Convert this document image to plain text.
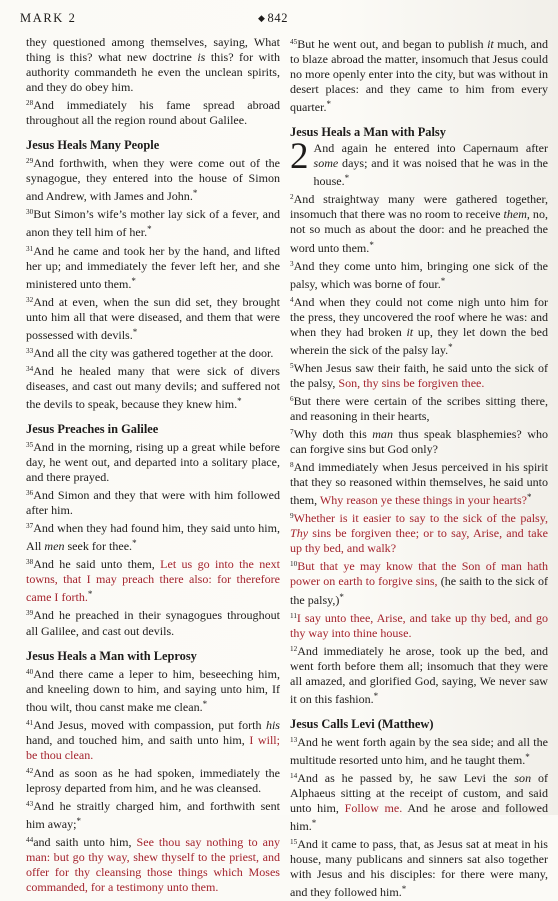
MARK 2	◆ 842

they questioned among themselves, saying, What thing is this? what new doctrine is this? for with authority commandeth he even the unclean spirits, and they do obey him.

$^{28}$And immediately his fame spread abroad throughout all the region round about Galilee.

Jesus Heals Many People

$^{29}$And forthwith, when they were come out of the synagogue, they entered into the house of Simon and Andrew, with James and John.*

$^{30}$But Simon’s wife’s mother lay sick of a fever, and anon they tell him of her.*

$^{31}$And he came and took her by the hand, and lifted her up; and immediately the fever left her, and she ministered unto them.*

$^{32}$And at even, when the sun did set, they brought unto him all that were diseased, and them that were possessed with devils.*

$^{33}$And all the city was gathered together at the door.

$^{34}$And he healed many that were sick of divers diseases, and cast out many devils; and suffered not the devils to speak, because they knew him.*

Jesus Preaches in Galilee

$^{35}$And in the morning, rising up a great while before day, he went out, and departed into a solitary place, and there prayed.

$^{36}$And Simon and they that were with him followed after him.

$^{37}$And when they had found him, they said unto him, All men seek for thee.*

$^{38}$And he said unto them, Let us go into the next towns, that I may preach there also: for therefore came I forth.*

$^{39}$And he preached in their synagogues throughout all Galilee, and cast out devils.

Jesus Heals a Man with Leprosy

$^{40}$And there came a leper to him, beseeching him, and kneeling down to him, and saying unto him, If thou wilt, thou canst make me clean.*

$^{41}$And Jesus, moved with compassion, put forth his hand, and touched him, and saith unto him, I will; be thou clean.

$^{42}$And as soon as he had spoken, immediately the leprosy departed from him, and he was cleansed.

$^{43}$And he straitly charged him, and forthwith sent him away;*

$^{44}$and saith unto him, See thou say nothing to any man: but go thy way, shew thyself to the priest, and offer for thy cleansing those things which Moses commanded, for a testimony unto them.

$^{45}$But he went out, and began to publish it much, and to blaze abroad the matter, insomuch that Jesus could no more openly enter into the city, but was without in desert places: and they came to him from every quarter.*

Jesus Heals a Man with Palsy

2 And again he entered into Capernaum after some days; and it was noised that he was in the house.*

$^2$And straightway many were gathered together, insomuch that there was no room to receive them, no, not so much as about the door: and he preached the word unto them.*

$^3$And they come unto him, bringing one sick of the palsy, which was borne of four.*

$^4$And when they could not come nigh unto him for the press, they uncovered the roof where he was: and when they had broken it up, they let down the bed wherein the sick of the palsy lay.*

$^5$When Jesus saw their faith, he said unto the sick of the palsy, Son, thy sins be forgiven thee.

$^6$But there were certain of the scribes sitting there, and reasoning in their hearts,

$^7$Why doth this man thus speak blasphemies? who can forgive sins but God only?

$^8$And immediately when Jesus perceived in his spirit that they so reasoned within themselves, he said unto them, Why reason ye these things in your hearts?*

$^9$Whether is it easier to say to the sick of the palsy, Thy sins be forgiven thee; or to say, Arise, and take up thy bed, and walk?

$^{10}$But that ye may know that the Son of man hath power on earth to forgive sins, (he saith to the sick of the palsy,)*

$^{11}$I say unto thee, Arise, and take up thy bed, and go thy way into thine house.

$^{12}$And immediately he arose, took up the bed, and went forth before them all; insomuch that they were all amazed, and glorified God, saying, We never saw it on this fashion.*

Jesus Calls Levi (Matthew)

$^{13}$And he went forth again by the sea side; and all the multitude resorted unto him, and he taught them.*

$^{14}$And as he passed by, he saw Levi the son of Alphaeus sitting at the receipt of custom, and said unto him, Follow me. And he arose and followed him.*

$^{15}$And it came to pass, that, as Jesus sat at meat in his house, many publicans and sinners sat also together with Jesus and his disciples: for there were many, and they followed him.*
